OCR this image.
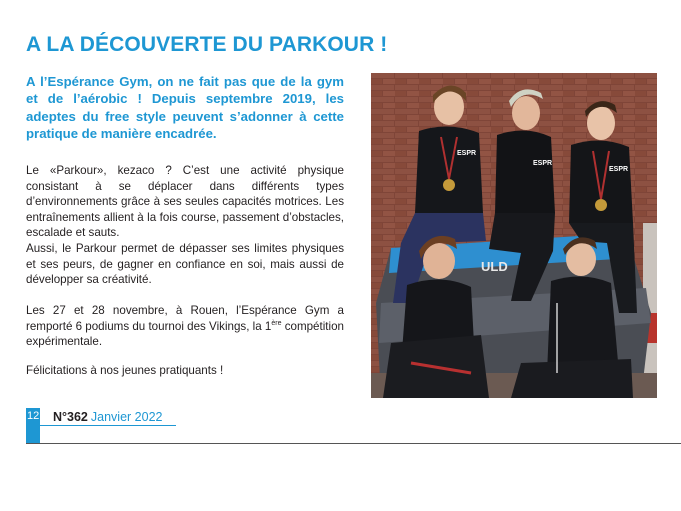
A LA DÉCOUVERTE DU PARKOUR !
A l’Espérance Gym, on ne fait pas que de la gym et de l’aérobic ! Depuis septembre 2019, les adeptes du free style peuvent s’adonner à cette pratique de manière encadrée.

Le «Parkour», kezaco ? C’est une activité physique consistant à se déplacer dans différents types d’environnements grâce à ses seules capacités motrices. Les entraînements allient à la fois course, passement d’obstacles, escalade et sauts.

Aussi, le Parkour permet de dépasser ses limites physiques et ses peurs, de gagner en confiance en soi, mais aussi de développer sa créativité.

Les 27 et 28 novembre, à Rouen, l’Espérance Gym a remporté 6 podiums du tournoi des Vikings, la 1ère compétition expérimentale.

Félicitations à nos jeunes pratiquants !

ULD
ESPR
ESPR
ESPR
12 N°362 Janvier 2022
